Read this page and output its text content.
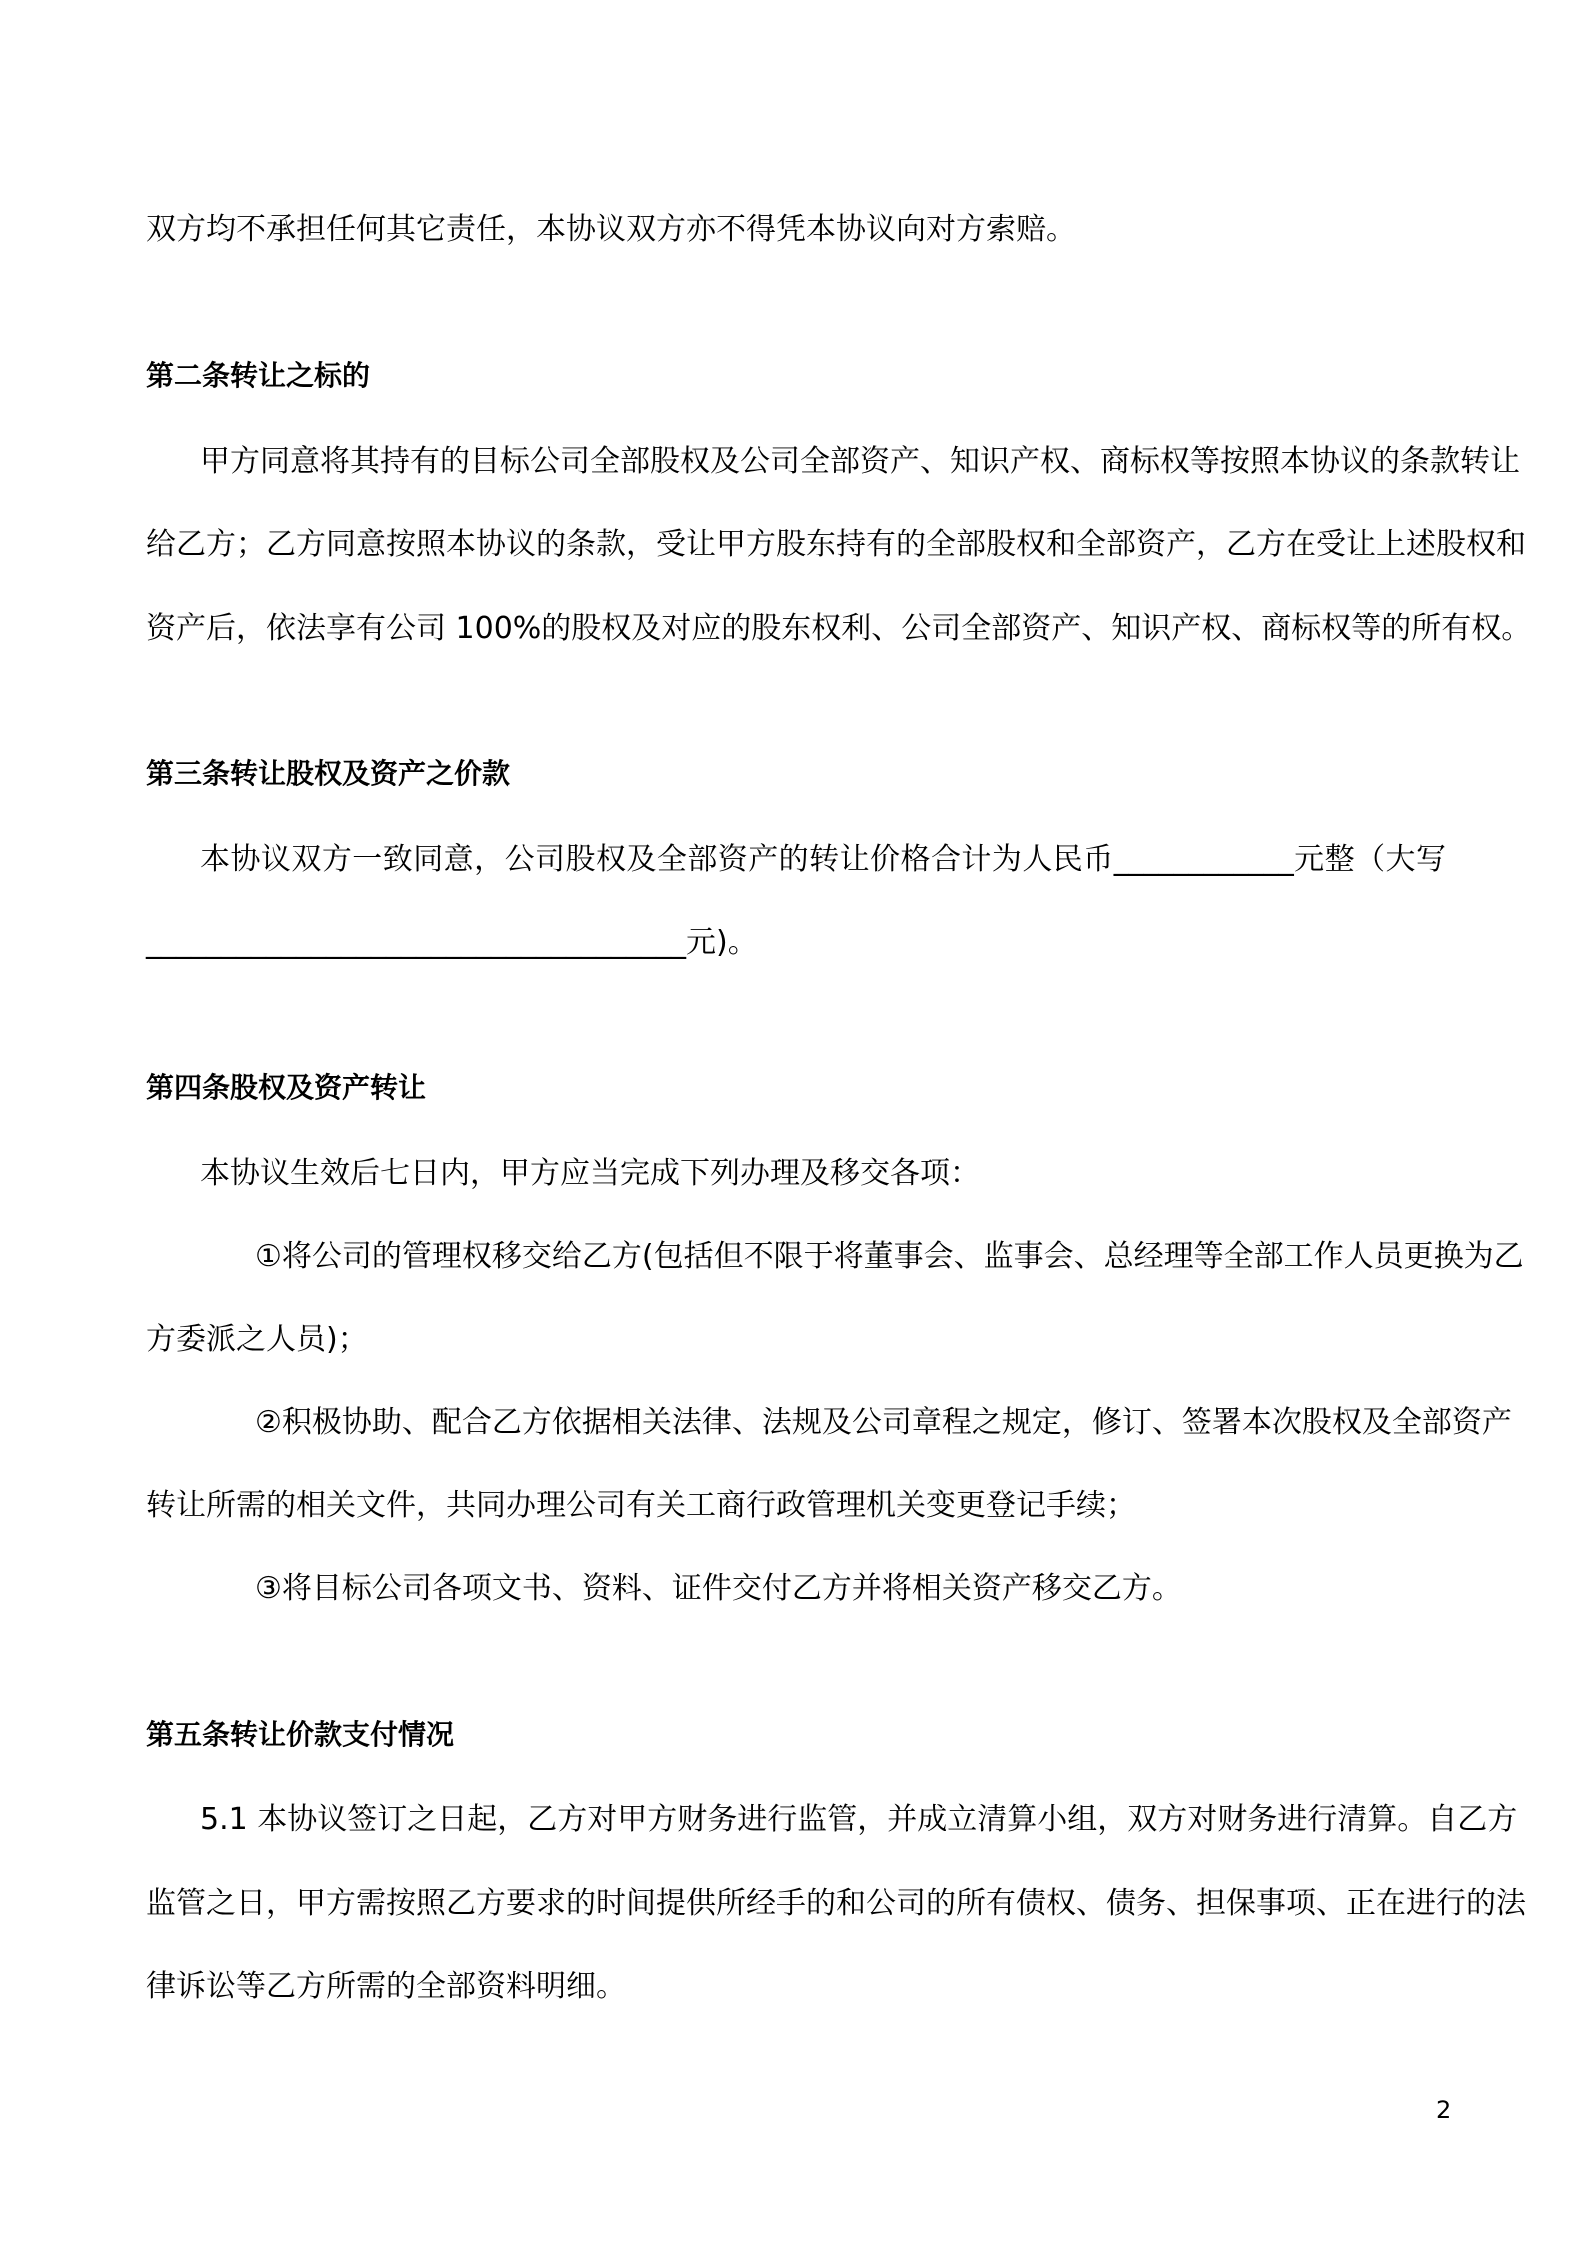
双方均不承担任何其它责任，本协议双方亦不得凭本协议向对方索赔。
第二条转让之标的
甲方同意将其持有的目标公司全部股权及公司全部资产、知识产权、商标权等按照本协议的条款转让
给乙方；乙方同意按照本协议的条款，受让甲方股东持有的全部股权和全部资产，乙方在受让上述股权和
资产后，依法享有公司 100%的股权及对应的股东权利、公司全部资产、知识产权、商标权等的所有权。
第三条转让股权及资产之价款
本协议双方一致同意，公司股权及全部资产的转让价格合计为人民币____________元整（大写
____________________________________元)。
第四条股权及资产转让
本协议生效后七日内，甲方应当完成下列办理及移交各项：
①将公司的管理权移交给乙方(包括但不限于将董事会、监事会、总经理等全部工作人员更换为乙
方委派之人员)；
②积极协助、配合乙方依据相关法律、法规及公司章程之规定，修订、签署本次股权及全部资产
转让所需的相关文件，共同办理公司有关工商行政管理机关变更登记手续；
③将目标公司各项文书、资料、证件交付乙方并将相关资产移交乙方。
第五条转让价款支付情况
5.1 本协议签订之日起，乙方对甲方财务进行监管，并成立清算小组，双方对财务进行清算。自乙方
监管之日，甲方需按照乙方要求的时间提供所经手的和公司的所有债权、债务、担保事项、正在进行的法
律诉讼等乙方所需的全部资料明细。
2
